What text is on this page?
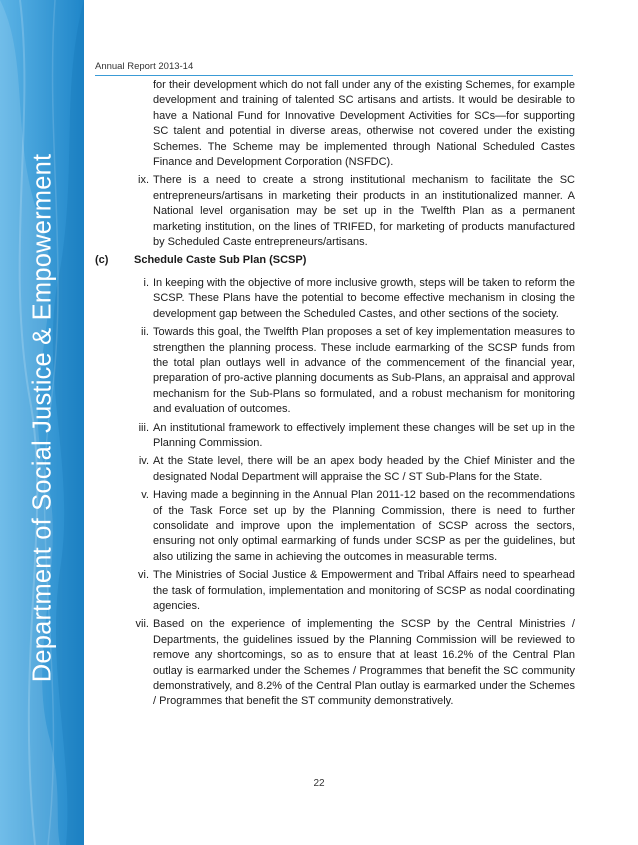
Department of Social Justice & Empowerment
Annual Report 2013-14

for their development which do not fall under any of the existing Schemes, for example development and training of talented SC artisans and artists. It would be desirable to have a National Fund for Innovative Development Activities for SCs—for supporting SC talent and potential in diverse areas, otherwise not covered under the existing Schemes. The Scheme may be implemented through National Scheduled Castes Finance and Development Corporation (NSFDC).

ix. There is a need to create a strong institutional mechanism to facilitate the SC entrepreneurs/artisans in marketing their products in an institutionalized manner. A National level organisation may be set up in the Twelfth Plan as a permanent marketing institution, on the lines of TRIFED, for marketing of products manufactured by Scheduled Caste entrepreneurs/artisans.
(c)	Schedule Caste Sub Plan (SCSP)
i. In keeping with the objective of more inclusive growth, steps will be taken to reform the SCSP. These Plans have the potential to become effective mechanism in closing the development gap between the Scheduled Castes, and other sections of the society.
ii. Towards this goal, the Twelfth Plan proposes a set of key implementation measures to strengthen the planning process. These include earmarking of the SCSP funds from the total plan outlays well in advance of the commencement of the financial year, preparation of pro-active planning documents as Sub-Plans, an appraisal and approval mechanism for the Sub-Plans so formulated, and a robust mechanism for monitoring and evaluation of outcomes.
iii. An institutional framework to effectively implement these changes will be set up in the Planning Commission.
iv. At the State level, there will be an apex body headed by the Chief Minister and the designated Nodal Department will appraise the SC / ST Sub-Plans for the State.
v. Having made a beginning in the Annual Plan 2011-12 based on the recommendations of the Task Force set up by the Planning Commission, there is need to further consolidate and improve upon the implementation of SCSP across the sectors, ensuring not only optimal earmarking of funds under SCSP as per the guidelines, but also utilizing the same in achieving the outcomes in measurable terms.
vi. The Ministries of Social Justice & Empowerment and Tribal Affairs need to spearhead the task of formulation, implementation and monitoring of SCSP as nodal coordinating agencies.
vii. Based on the experience of implementing the SCSP by the Central Ministries / Departments, the guidelines issued by the Planning Commission will be reviewed to remove any shortcomings, so as to ensure that at least 16.2% of the Central Plan outlay is earmarked under the Schemes / Programmes that benefit the SC community demonstratively, and 8.2% of the Central Plan outlay is earmarked under the Schemes / Programmes that benefit the ST community demonstratively.
22
